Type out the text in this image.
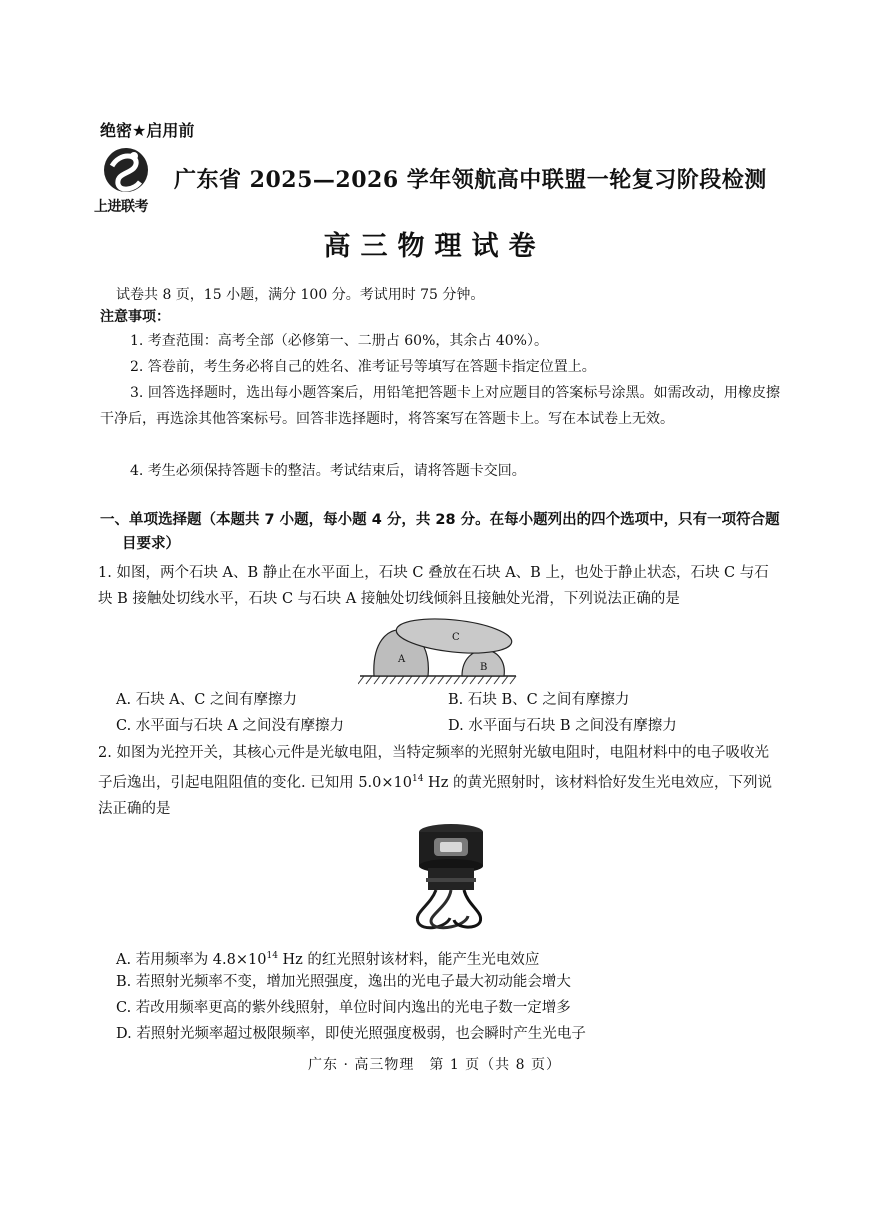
绝密★启用前
上进联考
广东省 2025—2026 学年领航高中联盟一轮复习阶段检测
高三物理试卷
试卷共 8 页，15 小题，满分 100 分。考试用时 75 分钟。
注意事项：
1. 考查范围：高考全部（必修第一、二册占 60%，其余占 40%）。
2. 答卷前，考生务必将自己的姓名、准考证号等填写在答题卡指定位置上。
3. 回答选择题时，选出每小题答案后，用铅笔把答题卡上对应题目的答案标号涂黑。如需改动，用橡皮擦干净后，再选涂其他答案标号。回答非选择题时，将答案写在答题卡上。写在本试卷上无效。
4. 考生必须保持答题卡的整洁。考试结束后，请将答题卡交回。
一、单项选择题（本题共 7 小题，每小题 4 分，共 28 分。在每小题列出的四个选项中，只有一项符合题
目要求）
1. 如图，两个石块 A、B 静止在水平面上，石块 C 叠放在石块 A、B 上，也处于静止状态，石块 C 与石块 B 接触处切线水平，石块 C 与石块 A 接触处切线倾斜且接触处光滑，下列说法正确的是
A
B
C
A. 石块 A、C 之间有摩擦力	B. 石块 B、C 之间有摩擦力
C. 水平面与石块 A 之间没有摩擦力	D. 水平面与石块 B 之间没有摩擦力
2. 如图为光控开关，其核心元件是光敏电阻，当特定频率的光照射光敏电阻时，电阻材料中的电子吸收光子后逸出，引起电阻阻值的变化. 已知用 $5.0\times 10^{14}$ Hz 的黄光照射时，该材料恰好发生光电效应，下列说法正确的是
A. 若用频率为 $4.8\times 10^{14}$ Hz 的红光照射该材料，能产生光电效应
B. 若照射光频率不变，增加光照强度，逸出的光电子最大初动能会增大
C. 若改用频率更高的紫外线照射，单位时间内逸出的光电子数一定增多
D. 若照射光频率超过极限频率，即使光照强度极弱，也会瞬时产生光电子
广东 · 高三物理　第 1 页（共 8 页）
